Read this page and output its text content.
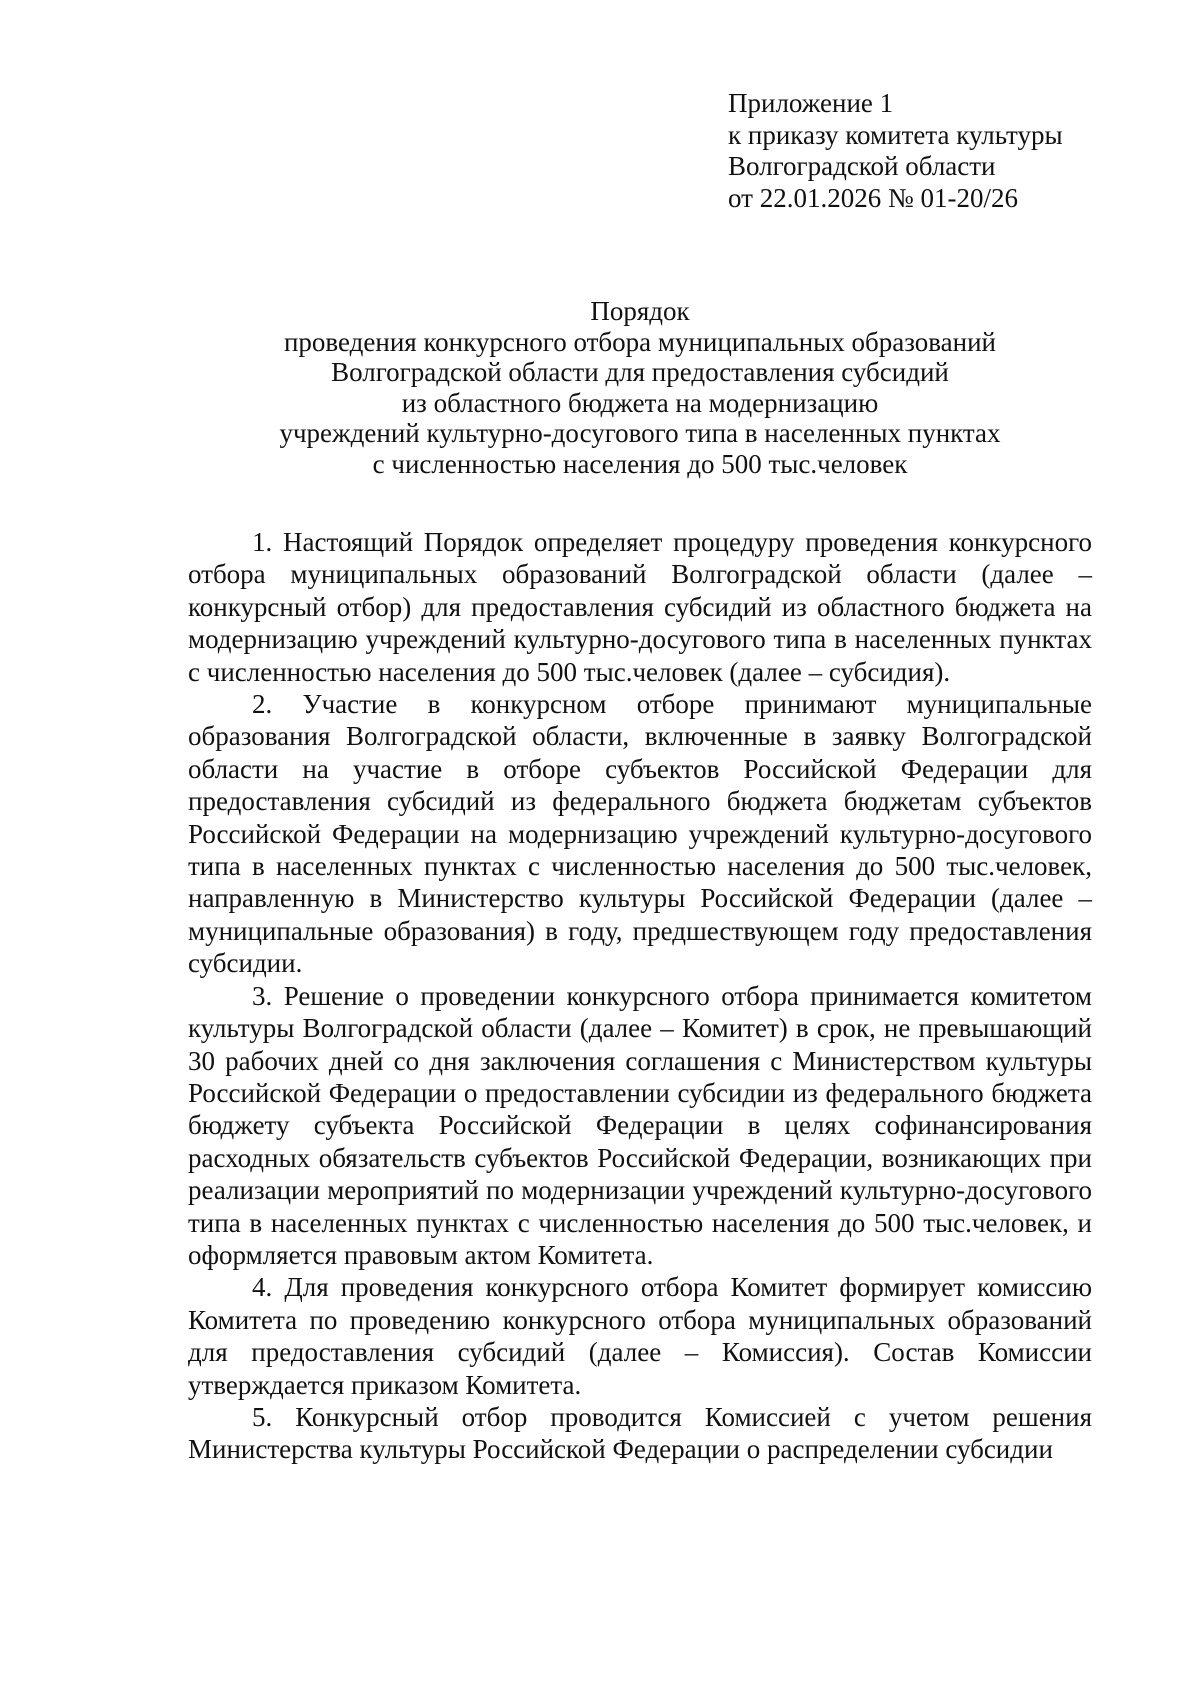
Приложение 1
к приказу комитета культуры
Волгоградской области
от 22.01.2026 № 01-20/26
Порядок
проведения конкурсного отбора муниципальных образований
Волгоградской области для предоставления субсидий
из областного бюджета на модернизацию
учреждений культурно-досугового типа в населенных пунктах
с численностью населения до 500 тыс.человек

1. Настоящий Порядок определяет процедуру проведения конкурсного отбора муниципальных образований Волгоградской области (далее – конкурсный отбор) для предоставления субсидий из областного бюджета на модернизацию учреждений культурно-досугового типа в населенных пунктах с численностью населения до 500 тыс.человек (далее – субсидия).

2. Участие в конкурсном отборе принимают муниципальные образования Волгоградской области, включенные в заявку Волгоградской области на участие в отборе субъектов Российской Федерации для предоставления субсидий из федерального бюджета бюджетам субъектов Российской Федерации на модернизацию учреждений культурно-досугового типа в населенных пунктах с численностью населения до 500 тыс.человек, направленную в Министерство культуры Российской Федерации (далее – муниципальные образования) в году, предшествующем году предоставления субсидии.

3. Решение о проведении конкурсного отбора принимается комитетом культуры Волгоградской области (далее – Комитет) в срок, не превышающий 30 рабочих дней со дня заключения соглашения с Министерством культуры Российской Федерации о предоставлении субсидии из федерального бюджета бюджету субъекта Российской Федерации в целях софинансирования расходных обязательств субъектов Российской Федерации, возникающих при реализации мероприятий по модернизации учреждений культурно-досугового типа в населенных пунктах с численностью населения до 500 тыс.человек, и оформляется правовым актом Комитета.

4. Для проведения конкурсного отбора Комитет формирует комиссию Комитета по проведению конкурсного отбора муниципальных образований для предоставления субсидий (далее – Комиссия). Состав Комиссии утверждается приказом Комитета.

5. Конкурсный отбор проводится Комиссией с учетом решения Министерства культуры Российской Федерации о распределении субсидии
